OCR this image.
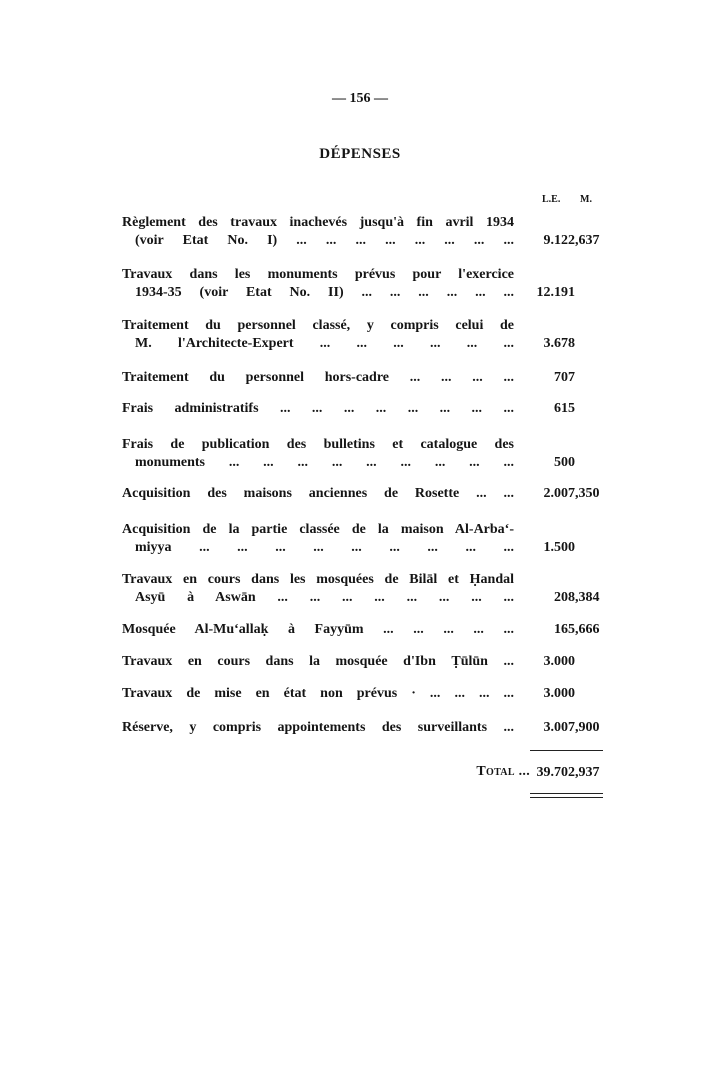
— 156 —
DÉPENSES
L.E. M.
Règlement des travaux inachevés jusqu'à fin avril 1934
(voir Etat No. I) ... ... ... ... ... ... ... ... 9.122 ,637
Travaux dans les monuments prévus pour l'exercice
1934-35 (voir Etat No. II) ... ... ... ... ... ... 12.191
Traitement du personnel classé, y compris celui de
M. l'Architecte-Expert ... ... ... ... ... ... 3.678
Traitement du personnel hors-cadre ... ... ... ...	707
Frais administratifs ... ... ... ... ... ... ... ...	615
Frais de publication des bulletins et catalogue des
monuments ... ... ... ... ... ... ... ... ...	500
Acquisition des maisons anciennes de Rosette ... ... 2.007 ,350
Acquisition de la partie classée de la maison Al-Arbaʻ-
miyya ... ... ... ... ... ... ... ... ... 1.500
Travaux en cours dans les mosquées de Bilāl et Ḥandal
Asyū à Aswān ... ... ... ... ... ... ... ...	208 ,384
Mosquée Al-Muʻallaḳ à Fayyūm ... ... ... ... ...	165 ,666
Travaux en cours dans la mosquée d'Ibn Ṭūlūn ... 3.000
Travaux de mise en état non prévus · ... ... ... ... 3.000
Réserve, y compris appointements des surveillants ... 3.007 ,900
Total ... 39.702 ,937
